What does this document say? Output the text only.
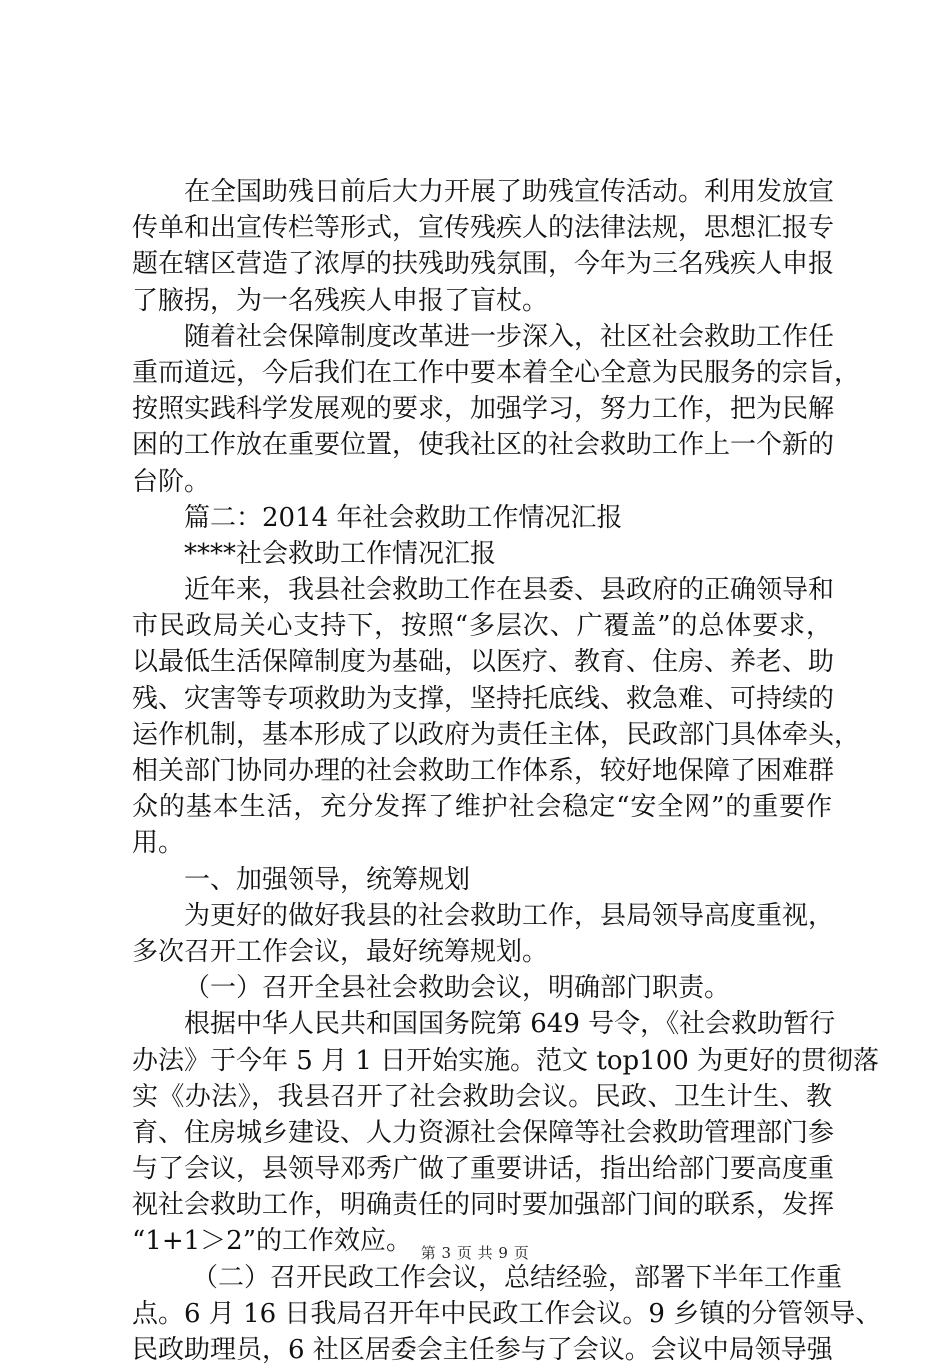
在全国助残日前后大力开展了助残宣传活动。利用发放宣
传单和出宣传栏等形式，宣传残疾人的法律法规，思想汇报专
题在辖区营造了浓厚的扶残助残氛围，今年为三名残疾人申报
了腋拐，为一名残疾人申报了盲杖。
随着社会保障制度改革进一步深入，社区社会救助工作任
重而道远，今后我们在工作中要本着全心全意为民服务的宗旨，
按照实践科学发展观的要求，加强学习，努力工作，把为民解
困的工作放在重要位置，使我社区的社会救助工作上一个新的
台阶。
篇二：2014 年社会救助工作情况汇报
****社会救助工作情况汇报
近年来，我县社会救助工作在县委、县政府的正确领导和
市民政局关心支持下，按照“多层次、广覆盖”的总体要求，
以最低生活保障制度为基础，以医疗、教育、住房、养老、助
残、灾害等专项救助为支撑，坚持托底线、救急难、可持续的
运作机制，基本形成了以政府为责任主体，民政部门具体牵头，
相关部门协同办理的社会救助工作体系，较好地保障了困难群
众的基本生活，充分发挥了维护社会稳定“安全网”的重要作
用。
一、加强领导，统筹规划
为更好的做好我县的社会救助工作，县局领导高度重视，
多次召开工作会议，最好统筹规划。
（一）召开全县社会救助会议，明确部门职责。
根据中华人民共和国国务院第 649 号令，《社会救助暂行
办法》于今年 5 月 1 日开始实施。范文 top100 为更好的贯彻落
实《办法》，我县召开了社会救助会议。民政、卫生计生、教
育、住房城乡建设、人力资源社会保障等社会救助管理部门参
与了会议，县领导邓秀广做了重要讲话，指出给部门要高度重
视社会救助工作，明确责任的同时要加强部门间的联系，发挥
“1+1＞2”的工作效应。
（二）召开民政工作会议，总结经验，部署下半年工作重
点。6 月 16 日我局召开年中民政工作会议。9 乡镇的分管领导、
民政助理员，6 社区居委会主任参与了会议。会议中局领导强
第 3 页 共 9 页
